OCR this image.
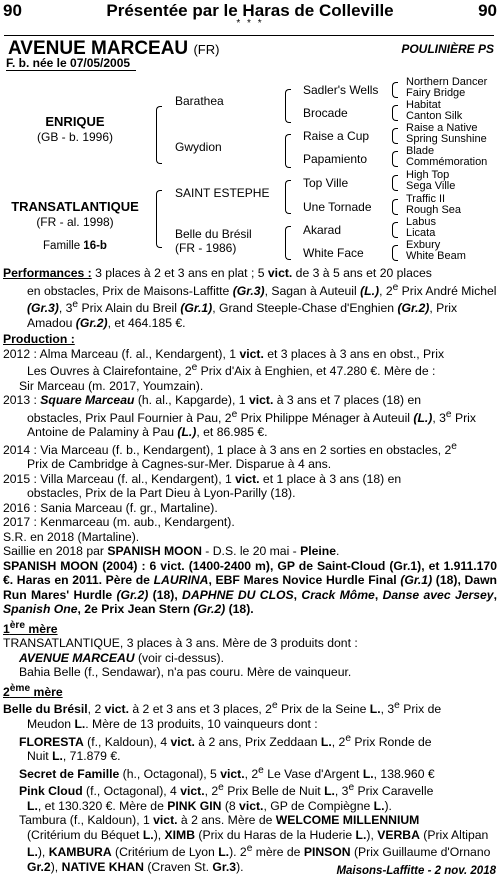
90	Présentée par le Haras de Colleville	90
* * *
AVENUE MARCEAU (FR)	POULINIÈRE PS
F. b. née le 07/05/2005
ENRIQUE
(GB - b. 1996)
TRANSATLANTIQUE
(FR - al. 1998)
Famille 16-b
Barathea
Gwydion
SAINT ESTEPHE
Belle du Brésil
(FR - 1986)
Sadler's Wells
Brocade
Raise a Cup
Papamiento
Top Ville
Une Tornade
Akarad
White Face
Northern Dancer
Fairy Bridge
Habitat
Canton Silk
Raise a Native
Spring Sunshine
Blade
Commémoration
High Top
Sega Ville
Traffic II
Rough Sea
Labus
Licata
Exbury
White Beam

Performances : 3 places à 2 et 3 ans en plat ; 5 vict. de 3 à 5 ans et 20 places

en obstacles, Prix de Maisons-Laffitte (Gr.3), Sagan à Auteuil (L.), 2e Prix André Michel (Gr.3), 3e Prix Alain du Breil (Gr.1), Grand Steeple-Chase d'Enghien (Gr.2), Prix Amadou (Gr.2), et 464.185 €.

Production :

2012 : Alma Marceau (f. al., Kendargent), 1 vict. et 3 places à 3 ans en obst., Prix

Les Ouvres à Clairefontaine, 2e Prix d'Aix à Enghien, et 47.280 €. Mère de :

Sir Marceau (m. 2017, Youmzain).

2013 : Square Marceau (h. al., Kapgarde), 1 vict. à 3 ans et 7 places (18) en

obstacles, Prix Paul Fournier à Pau, 2e Prix Philippe Ménager à Auteuil (L.), 3e Prix Antoine de Palaminy à Pau (L.), et 86.985 €.

2014 : Via Marceau (f. b., Kendargent), 1 place à 3 ans en 2 sorties en obstacles, 2e

Prix de Cambridge à Cagnes-sur-Mer. Disparue à 4 ans.

2015 : Villa Marceau (f. al., Kendargent), 1 vict. et 1 place à 3 ans (18) en

obstacles, Prix de la Part Dieu à Lyon-Parilly (18).

2016 : Sania Marceau (f. gr., Martaline).

2017 : Kenmarceau (m. aub., Kendargent).

S.R. en 2018 (Martaline).

Saillie en 2018 par SPANISH MOON - D.S. le 20 mai - Pleine.

SPANISH MOON (2004) : 6 vict. (1400-2400 m), GP de Saint-Cloud (Gr.1), et 1.911.170 €. Haras en 2011. Père de LAURINA, EBF Mares Novice Hurdle Final (Gr.1) (18), Dawn Run Mares' Hurdle (Gr.2) (18), DAPHNE DU CLOS, Crack Môme, Danse avec Jersey, Spanish One, 2e Prix Jean Stern (Gr.2) (18).

1ère mère

TRANSATLANTIQUE, 3 places à 3 ans. Mère de 3 produits dont :

AVENUE MARCEAU (voir ci-dessus).

Bahia Belle (f., Sendawar), n'a pas couru. Mère de vainqueur.

2ème mère

Belle du Brésil, 2 vict. à 2 et 3 ans et 3 places, 2e Prix de la Seine L., 3e Prix de

Meudon L.. Mère de 13 produits, 10 vainqueurs dont :

FLORESTA (f., Kaldoun), 4 vict. à 2 ans, Prix Zeddaan L., 2e Prix Ronde de

Nuit L., 71.879 €.

Secret de Famille (h., Octagonal), 5 vict., 2e Le Vase d'Argent L., 138.960 €

Pink Cloud (f., Octagonal), 4 vict., 2e Prix Belle de Nuit L., 3e Prix Caravelle

L., et 130.320 €. Mère de PINK GIN (8 vict., GP de Compiègne L.).

Tambura (f., Kaldoun), 1 vict. à 2 ans. Mère de WELCOME MILLENNIUM

(Critérium du Béquet L.), XIMB (Prix du Haras de la Huderie L.), VERBA (Prix Altipan L.), KAMBURA (Critérium de Lyon L.). 2e mère de PINSON (Prix Guillaume d'Ornano Gr.2), NATIVE KHAN (Craven St. Gr.3).	Maisons-Laffitte - 2 nov. 2018
